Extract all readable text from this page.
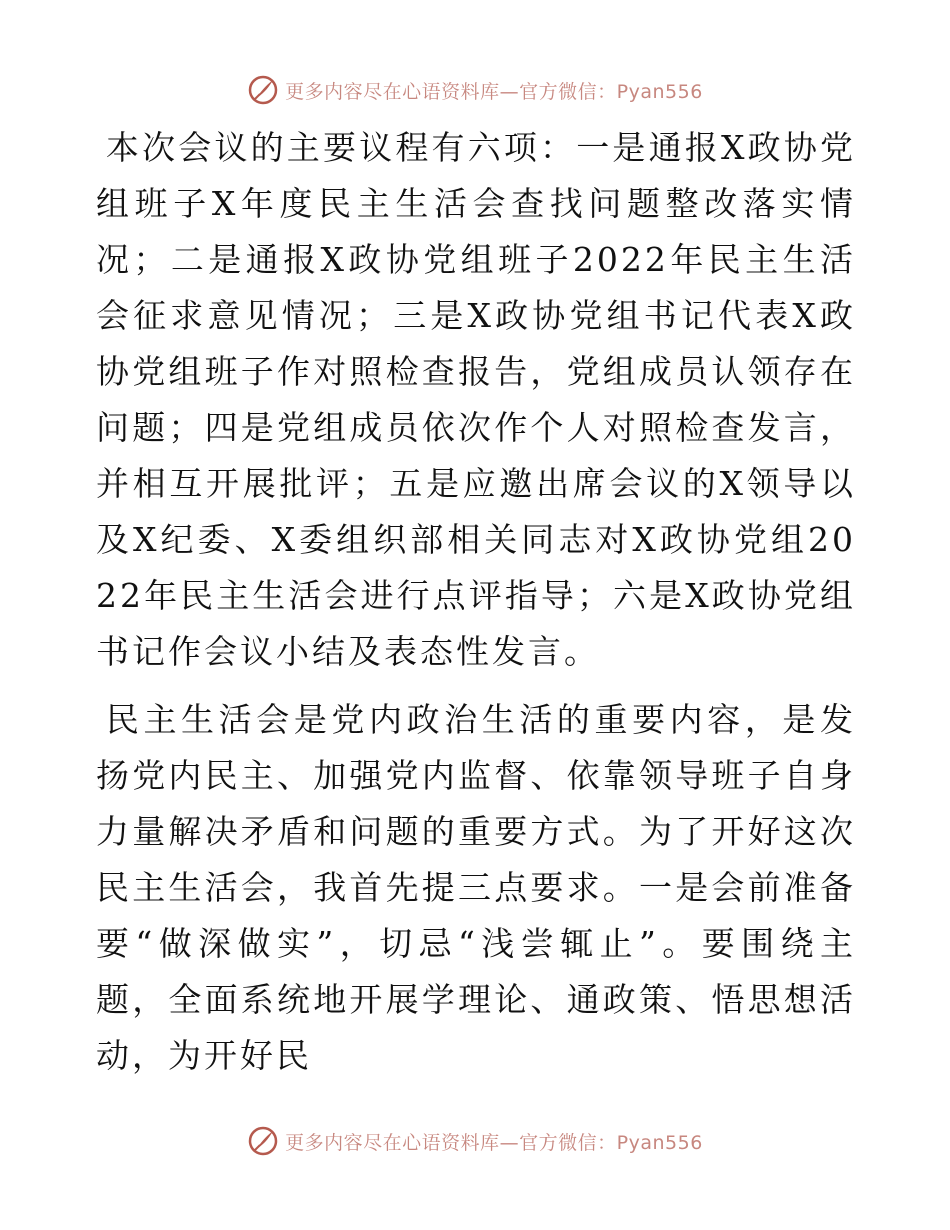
更多内容尽在心语资料库—官方微信：Pyan556

本次会议的主要议程有六项：一是通报X政协党组班子X年度民主生活会查找问题整改落实情况；二是通报X政协党组班子2022年民主生活会征求意见情况；三是X政协党组书记代表X政协党组班子作对照检查报告，党组成员认领存在问题；四是党组成员依次作个人对照检查发言，并相互开展批评；五是应邀出席会议的X领导以及X纪委、X委组织部相关同志对X政协党组2022年民主生活会进行点评指导；六是X政协党组书记作会议小结及表态性发言。

民主生活会是党内政治生活的重要内容，是发扬党内民主、加强党内监督、依靠领导班子自身力量解决矛盾和问题的重要方式。为了开好这次民主生活会，我首先提三点要求。一是会前准备要“做深做实”，切忌“浅尝辄止”。要围绕主题，全面系统地开展学理论、通政策、悟思想活动，为开好民

更多内容尽在心语资料库—官方微信：Pyan556
